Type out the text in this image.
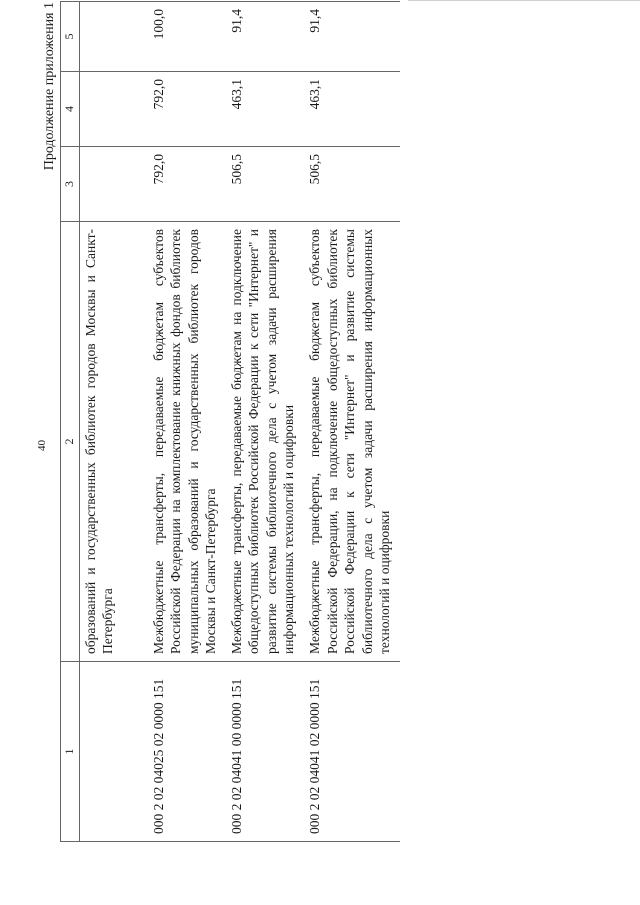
40
Продолжение приложения 1
1	2	3	4	5
	образований и государственных библиотек городов Москвы и Санкт-Петербурга			
000 2 02 04025 02 0000 151	Межбюджетные трансферты, передаваемые бюджетам субъектов Российской Федерации на комплектование книжных фондов библиотек муниципальных образований и государственных библиотек городов Москвы и Санкт-Петербурга	792,0	792,0	100,0
000 2 02 04041 00 0000 151	Межбюджетные трансферты, передаваемые бюджетам на подключение общедоступных библиотек Российской Федерации к сети "Интернет" и развитие системы библиотечного дела с учетом задачи расширения информационных технологий и оцифровки	506,5	463,1	91,4
000 2 02 04041 02 0000 151	Межбюджетные трансферты, передаваемые бюджетам субъектов Российской Федерации, на подключение общедоступных библиотек Российской Федерации к сети "Интернет" и развитие системы библиотечного дела с учетом задачи расширения информационных технологий и оцифровки	506,5	463,1	91,4
